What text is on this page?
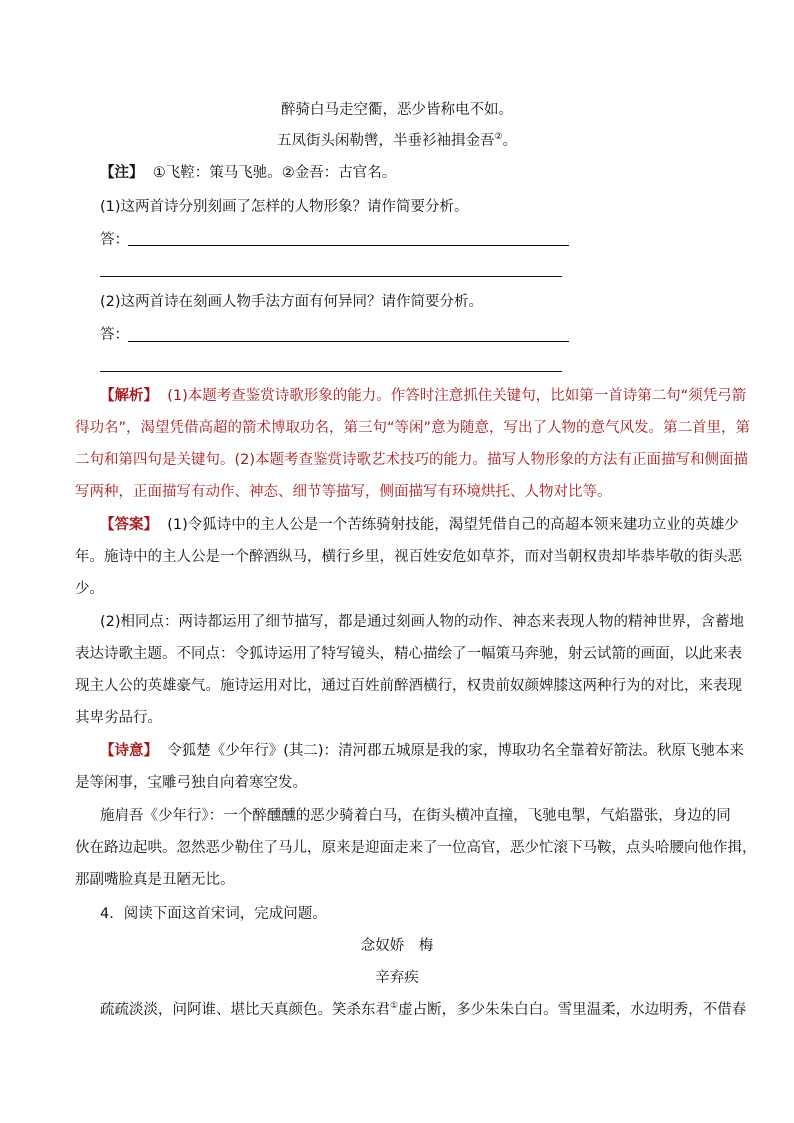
醉骑白马走空衢，恶少皆称电不如。
五凤街头闲勒辔，半垂衫袖揖金吾②。
【注】 ①飞鞚：策马飞驰。②金吾：古官名。
(1)这两首诗分别刻画了怎样的人物形象？请作简要分析。
答：
(2)这两首诗在刻画人物手法方面有何异同？请作简要分析。
答：
【解析】 (1)本题考查鉴赏诗歌形象的能力。作答时注意抓住关键句，比如第一首诗第二句“须凭弓箭
得功名”，渴望凭借高超的箭术博取功名，第三句“等闲”意为随意，写出了人物的意气风发。第二首里，第
二句和第四句是关键句。(2)本题考查鉴赏诗歌艺术技巧的能力。描写人物形象的方法有正面描写和侧面描
写两种，正面描写有动作、神态、细节等描写，侧面描写有环境烘托、人物对比等。
【答案】 (1)令狐诗中的主人公是一个苦练骑射技能，渴望凭借自己的高超本领来建功立业的英雄少
年。施诗中的主人公是一个醉酒纵马，横行乡里，视百姓安危如草芥，而对当朝权贵却毕恭毕敬的街头恶
少。
(2)相同点：两诗都运用了细节描写，都是通过刻画人物的动作、神态来表现人物的精神世界，含蓄地
表达诗歌主题。不同点：令狐诗运用了特写镜头，精心描绘了一幅策马奔驰，射云试箭的画面，以此来表
现主人公的英雄豪气。施诗运用对比，通过百姓前醉酒横行，权贵前奴颜婢膝这两种行为的对比，来表现
其卑劣品行。
【诗意】 令狐楚《少年行》(其二)：清河郡五城原是我的家，博取功名全靠着好箭法。秋原飞驰本来
是等闲事，宝雕弓独自向着寒空发。
施肩吾《少年行》：一个醉醺醺的恶少骑着白马，在街头横冲直撞，飞驰电掣，气焰嚣张，身边的同
伙在路边起哄。忽然恶少勒住了马儿，原来是迎面走来了一位高官，恶少忙滚下马鞍，点头哈腰向他作揖，
那副嘴脸真是丑陋无比。
4．阅读下面这首宋词，完成问题。
念奴娇　梅
辛弃疾
疏疏淡淡，问阿谁、堪比天真颜色。笑杀东君①虚占断，多少朱朱白白。雪里温柔，水边明秀，不借春
